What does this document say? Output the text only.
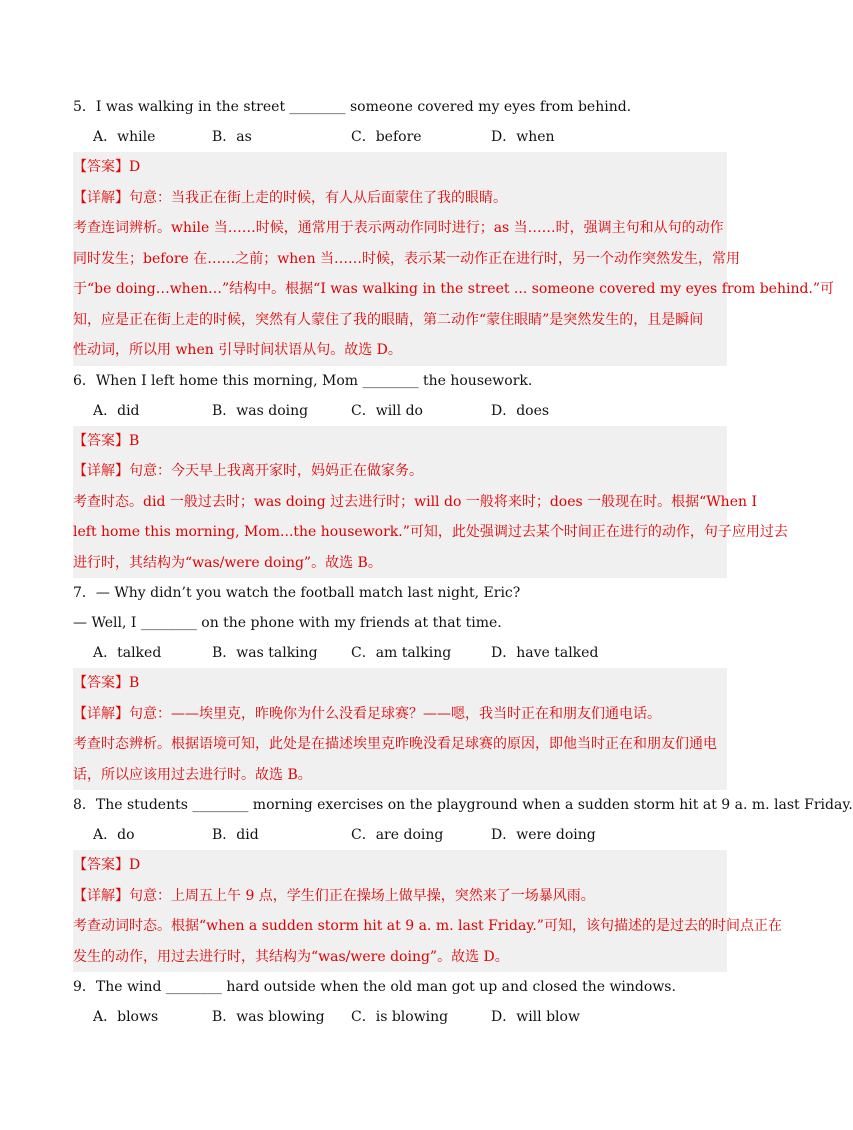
5．I was walking in the street ________ someone covered my eyes from behind.
A．while	B．as	C．before	D．when
【答案】D
【详解】句意：当我正在街上走的时候，有人从后面蒙住了我的眼睛。
考查连词辨析。while 当……时候，通常用于表示两动作同时进行；as 当……时，强调主句和从句的动作
同时发生；before 在……之前；when 当……时候，表示某一动作正在进行时，另一个动作突然发生，常用
于“be doing…when…”结构中。根据“I was walking in the street ... someone covered my eyes from behind.”可
知，应是正在街上走的时候，突然有人蒙住了我的眼睛，第二动作“蒙住眼睛”是突然发生的，且是瞬间
性动词，所以用 when 引导时间状语从句。故选 D。
6．When I left home this morning, Mom ________ the housework.
A．did	B．was doing	C．will do	D．does
【答案】B
【详解】句意：今天早上我离开家时，妈妈正在做家务。
考查时态。did 一般过去时；was doing 过去进行时；will do 一般将来时；does 一般现在时。根据“When I
left home this morning, Mom...the housework.”可知，此处强调过去某个时间正在进行的动作，句子应用过去
进行时，其结构为“was/were doing”。故选 B。
7．— Why didn’t you watch the football match last night, Eric?
— Well, I ________ on the phone with my friends at that time.
A．talked	B．was talking C．am talking	D．have talked
【答案】B
【详解】句意：——埃里克，昨晚你为什么没看足球赛？——嗯，我当时正在和朋友们通电话。
考查时态辨析。根据语境可知，此处是在描述埃里克昨晚没看足球赛的原因，即他当时正在和朋友们通电
话，所以应该用过去进行时。故选 B。
8．The students ________ morning exercises on the playground when a sudden storm hit at 9 a. m. last Friday.
A．do	B．did	C．are doing	D．were doing
【答案】D
【详解】句意：上周五上午 9 点，学生们正在操场上做早操，突然来了一场暴风雨。
考查动词时态。根据“when a sudden storm hit at 9 a. m. last Friday.”可知，该句描述的是过去的时间点正在
发生的动作，用过去进行时，其结构为“was/were doing”。故选 D。
9．The wind ________ hard outside when the old man got up and closed the windows.
A．blows	B．was blowing C．is blowing	D．will blow
